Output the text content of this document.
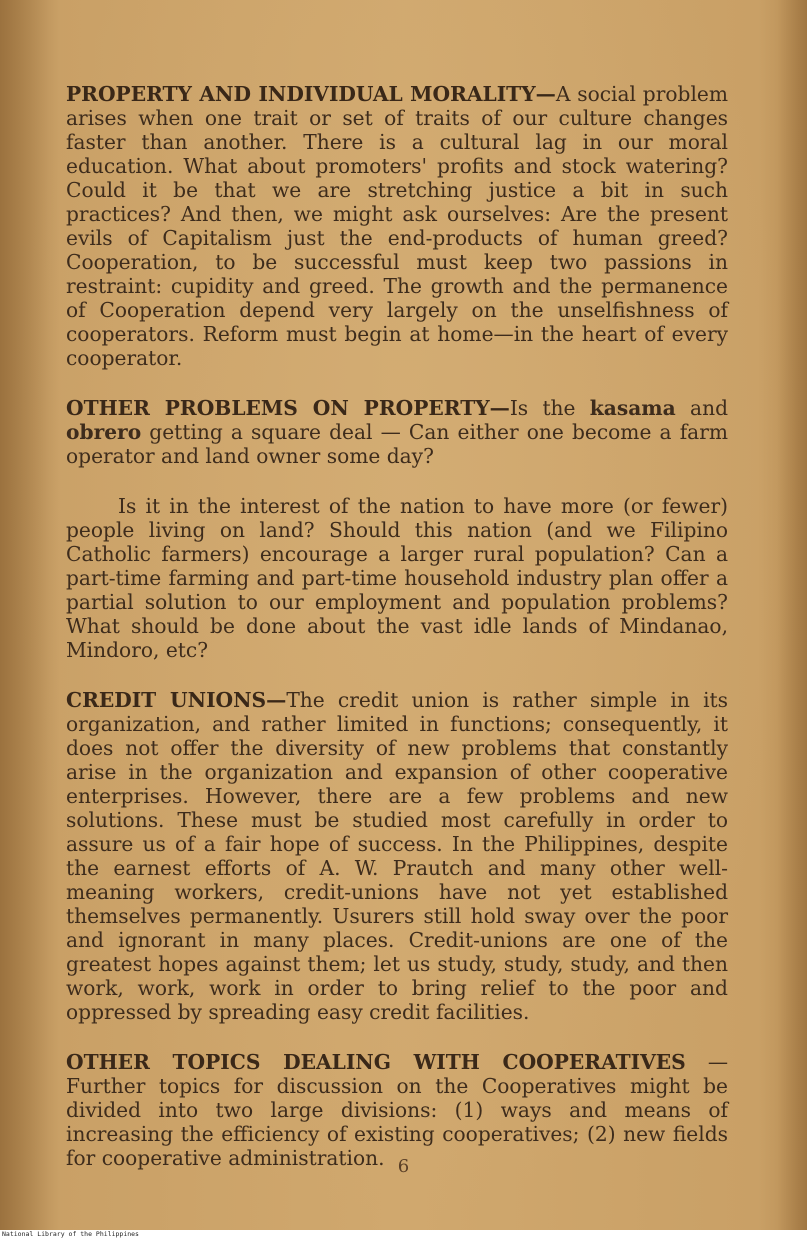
PROPERTY AND INDIVIDUAL MORALITY—A social problem arises when one trait or set of traits of our culture changes faster than another. There is a cultural lag in our moral education. What about promoters' profits and stock watering? Could it be that we are stretching justice a bit in such practices? And then, we might ask ourselves: Are the present evils of Capitalism just the end-products of human greed? Cooperation, to be successful must keep two passions in restraint: cupidity and greed. The growth and the permanence of Cooperation depend very largely on the unselfishness of cooperators. Reform must begin at home—in the heart of every cooperator.

OTHER PROBLEMS ON PROPERTY—Is the kasama and obrero getting a square deal — Can either one become a farm operator and land owner some day?

Is it in the interest of the nation to have more (or fewer) people living on land? Should this nation (and we Filipino Catholic farmers) encourage a larger rural population? Can a part-time farming and part-time household industry plan offer a partial solution to our employment and population problems? What should be done about the vast idle lands of Mindanao, Mindoro, etc?

CREDIT UNIONS—The credit union is rather simple in its organization, and rather limited in functions; consequently, it does not offer the diversity of new problems that constantly arise in the organization and expansion of other cooperative enterprises. However, there are a few problems and new solutions. These must be studied most carefully in order to assure us of a fair hope of success. In the Philippines, despite the earnest efforts of A. W. Prautch and many other well-meaning workers, credit-unions have not yet established themselves permanently. Usurers still hold sway over the poor and ignorant in many places. Credit-unions are one of the greatest hopes against them; let us study, study, study, and then work, work, work in order to bring relief to the poor and oppressed by spreading easy credit facilities.

OTHER TOPICS DEALING WITH COOPERATIVES —Further topics for discussion on the Cooperatives might be divided into two large divisions: (1) ways and means of increasing the efficiency of existing cooperatives; (2) new fields for cooperative administration. 6
National Library of the Philippines
